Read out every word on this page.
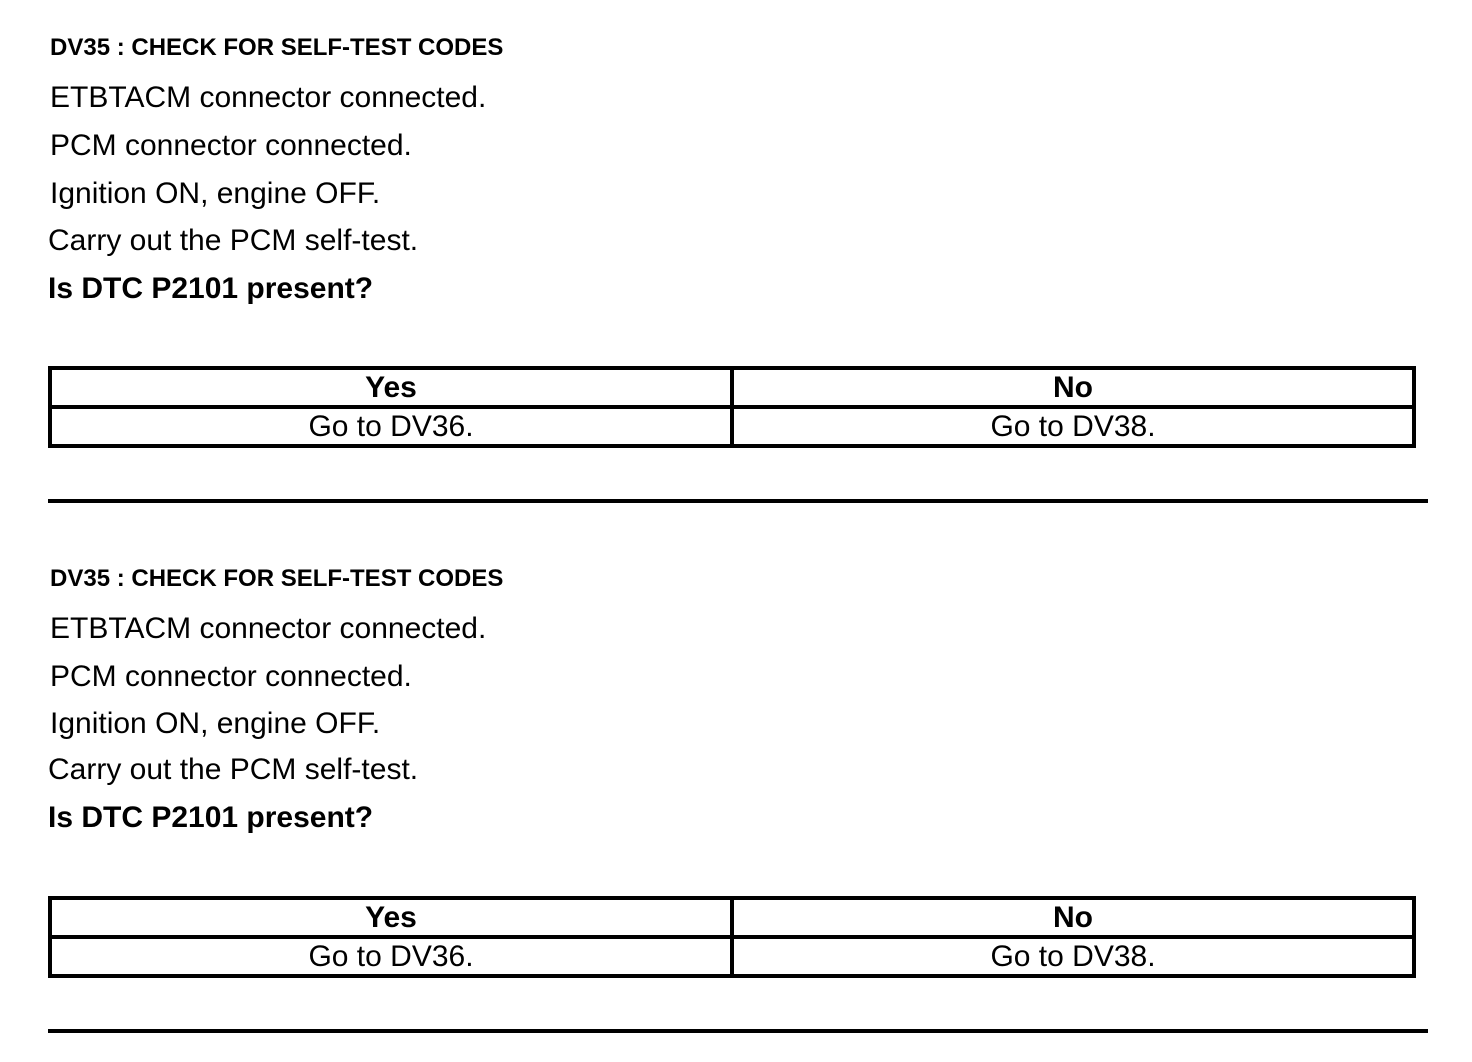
DV35 : CHECK FOR SELF-TEST CODES
ETBTACM connector connected.
PCM connector connected.
Ignition ON, engine OFF.
Carry out the PCM self-test.
Is DTC P2101 present?
Yes	No
Go to DV36.	Go to DV38.
DV35 : CHECK FOR SELF-TEST CODES
ETBTACM connector connected.
PCM connector connected.
Ignition ON, engine OFF.
Carry out the PCM self-test.
Is DTC P2101 present?
Yes	No
Go to DV36.	Go to DV38.
